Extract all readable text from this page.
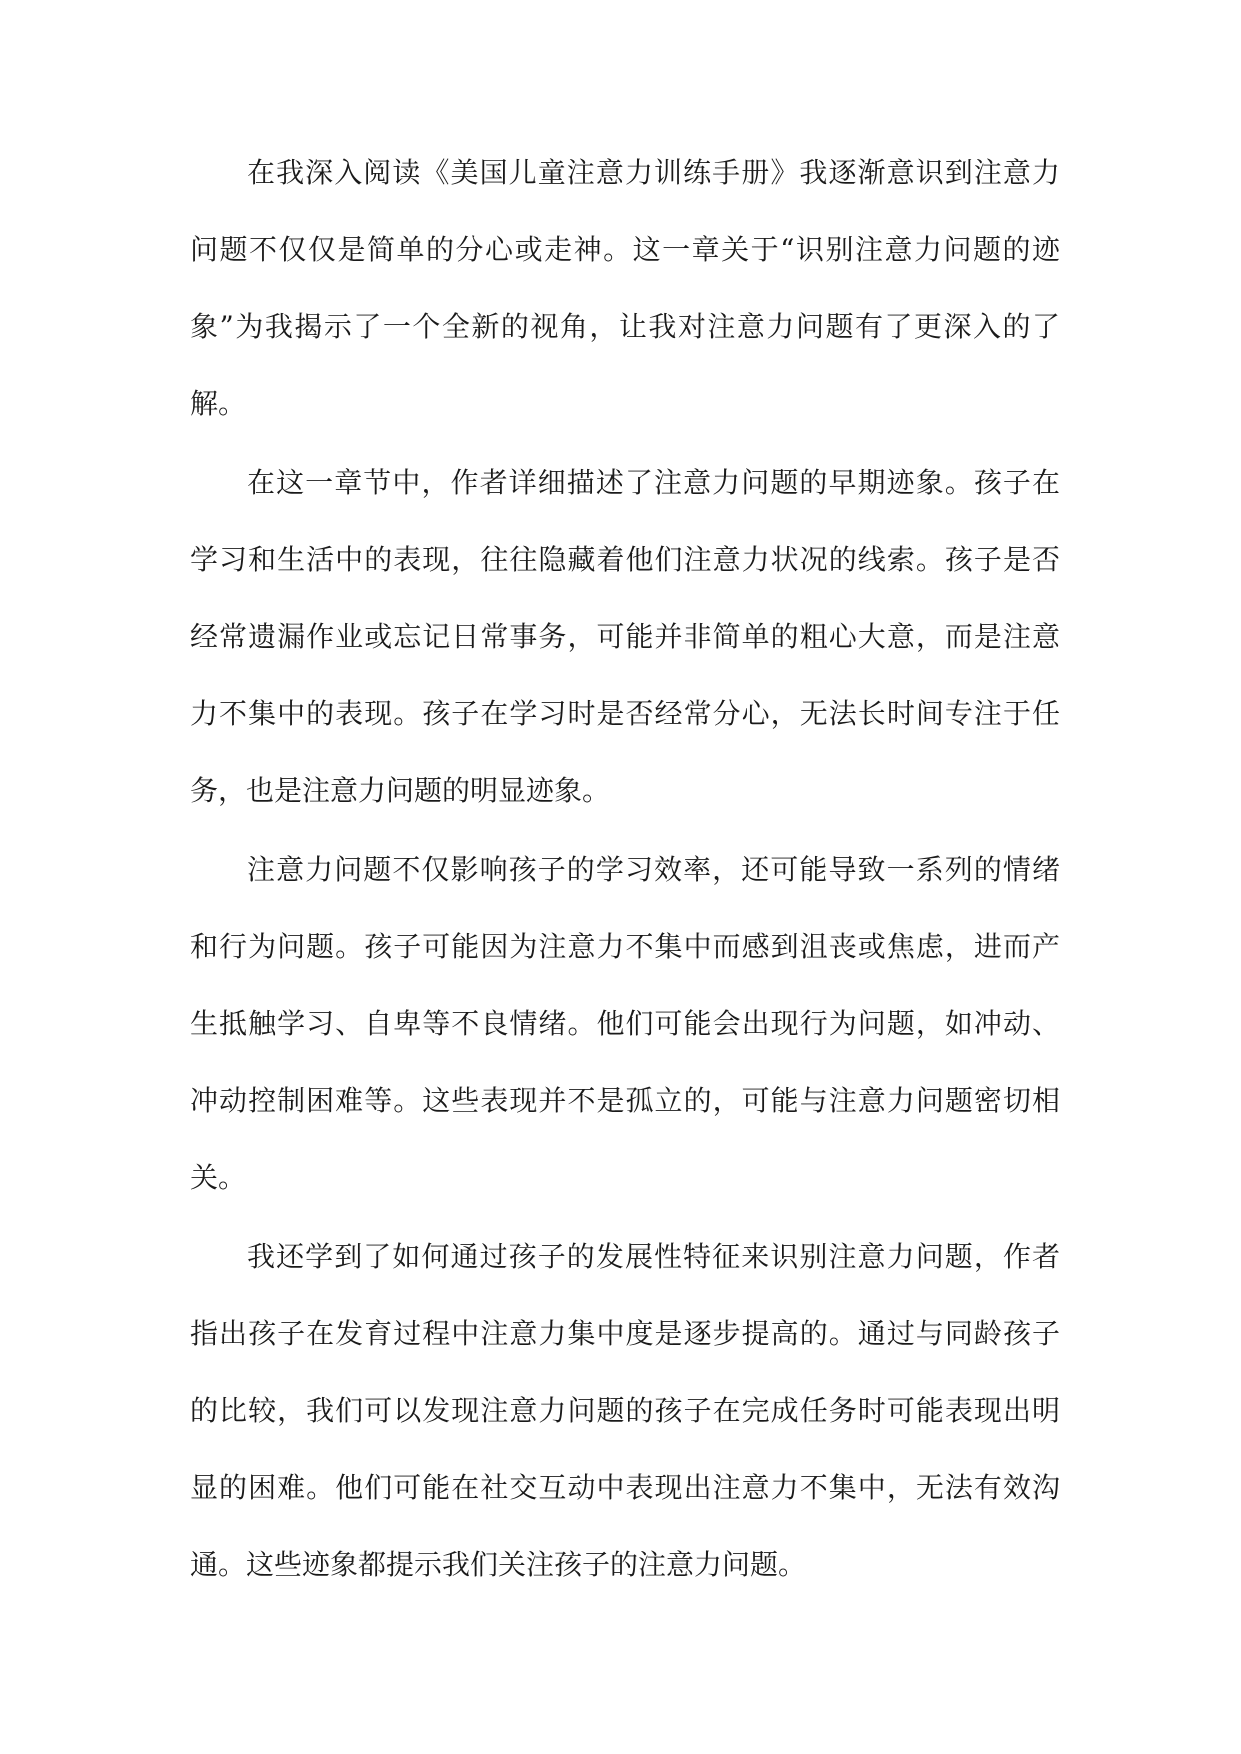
在我深入阅读《美国儿童注意力训练手册》我逐渐意识到注意力
问题不仅仅是简单的分心或走神。这一章关于“识别注意力问题的迹
象”为我揭示了一个全新的视角，让我对注意力问题有了更深入的了
解。
在这一章节中，作者详细描述了注意力问题的早期迹象。孩子在
学习和生活中的表现，往往隐藏着他们注意力状况的线索。孩子是否
经常遗漏作业或忘记日常事务，可能并非简单的粗心大意，而是注意
力不集中的表现。孩子在学习时是否经常分心，无法长时间专注于任
务，也是注意力问题的明显迹象。
注意力问题不仅影响孩子的学习效率，还可能导致一系列的情绪
和行为问题。孩子可能因为注意力不集中而感到沮丧或焦虑，进而产
生抵触学习、自卑等不良情绪。他们可能会出现行为问题，如冲动、
冲动控制困难等。这些表现并不是孤立的，可能与注意力问题密切相
关。
我还学到了如何通过孩子的发展性特征来识别注意力问题，作者
指出孩子在发育过程中注意力集中度是逐步提高的。通过与同龄孩子
的比较，我们可以发现注意力问题的孩子在完成任务时可能表现出明
显的困难。他们可能在社交互动中表现出注意力不集中，无法有效沟
通。这些迹象都提示我们关注孩子的注意力问题。
